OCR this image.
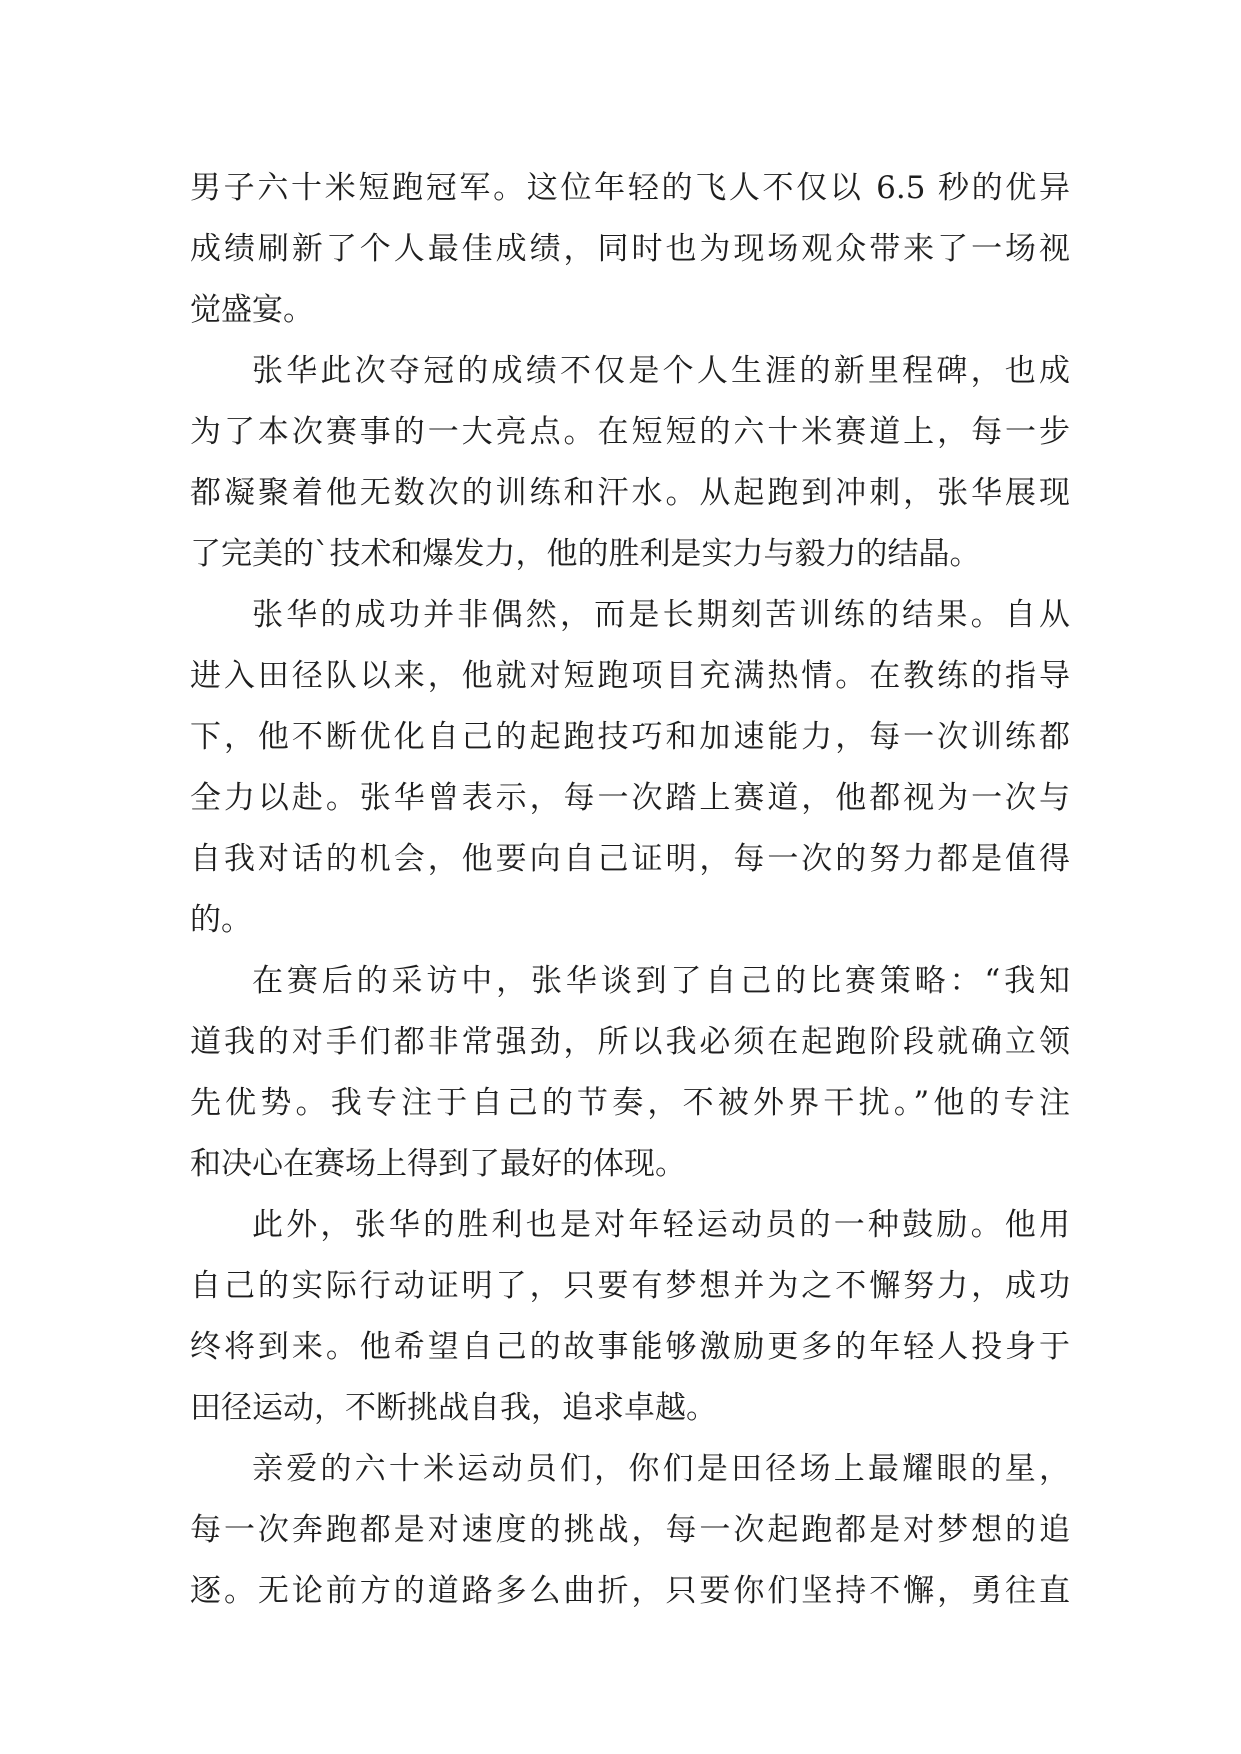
男子六十米短跑冠军。这位年轻的飞人不仅以 6.5 秒的优异
成绩刷新了个人最佳成绩，同时也为现场观众带来了一场视
觉盛宴。
张华此次夺冠的成绩不仅是个人生涯的新里程碑，也成
为了本次赛事的一大亮点。在短短的六十米赛道上，每一步
都凝聚着他无数次的训练和汗水。从起跑到冲刺，张华展现
了完美的`技术和爆发力，他的胜利是实力与毅力的结晶。
张华的成功并非偶然，而是长期刻苦训练的结果。自从
进入田径队以来，他就对短跑项目充满热情。在教练的指导
下，他不断优化自己的起跑技巧和加速能力，每一次训练都
全力以赴。张华曾表示，每一次踏上赛道，他都视为一次与
自我对话的机会，他要向自己证明，每一次的努力都是值得
的。
在赛后的采访中，张华谈到了自己的比赛策略：“我知
道我的对手们都非常强劲，所以我必须在起跑阶段就确立领
先优势。我专注于自己的节奏，不被外界干扰。”他的专注
和决心在赛场上得到了最好的体现。
此外，张华的胜利也是对年轻运动员的一种鼓励。他用
自己的实际行动证明了，只要有梦想并为之不懈努力，成功
终将到来。他希望自己的故事能够激励更多的年轻人投身于
田径运动，不断挑战自我，追求卓越。
亲爱的六十米运动员们，你们是田径场上最耀眼的星，
每一次奔跑都是对速度的挑战，每一次起跑都是对梦想的追
逐。无论前方的道路多么曲折，只要你们坚持不懈，勇往直
